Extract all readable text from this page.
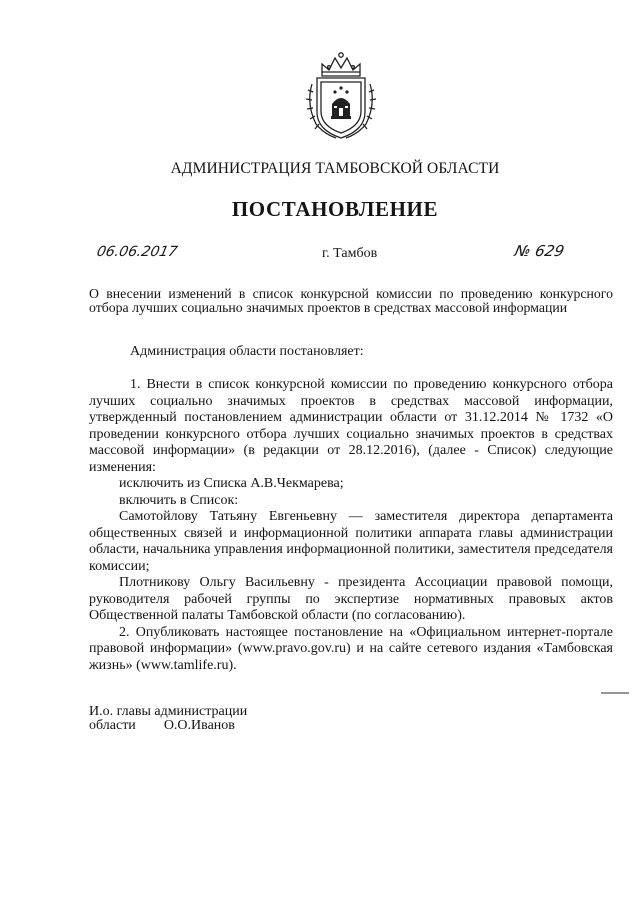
АДМИНИСТРАЦИЯ ТАМБОВСКОЙ ОБЛАСТИ
ПОСТАНОВЛЕНИЕ
06.06.2017	г. Тамбов	№ 629
О внесении изменений в список конкурсной комиссии по проведению конкурсного отбора лучших социально значимых проектов в средствах массовой информации
Администрация области постановляет:

1. Внести в список конкурсной комиссии по проведению конкурсного отбора лучших социально значимых проектов в средствах массовой информации, утвержденный постановлением администрации области от 31.12.2014 № 1732 «О проведении конкурсного отбора лучших социально значимых проектов в средствах массовой информации» (в редакции от 28.12.2016), (далее - Список) следующие изменения:

исключить из Списка А.В.Чекмарева;

включить в Список:

Самотойлову Татьяну Евгеньевну — заместителя директора департамента общественных связей и информационной политики аппарата главы администрации области, начальника управления информационной политики, заместителя председателя комиссии;

Плотникову Ольгу Васильевну - президента Ассоциации правовой помощи, руководителя рабочей группы по экспертизе нормативных правовых актов Общественной палаты Тамбовской области (по согласованию).

2. Опубликовать настоящее постановление на «Официальном интернет-портале правовой информации» (www.pravo.gov.ru) и на сайте сетевого издания «Тамбовская жизнь» (www.tamlife.ru).

И.о. главы администрации
области О.О.Иванов
